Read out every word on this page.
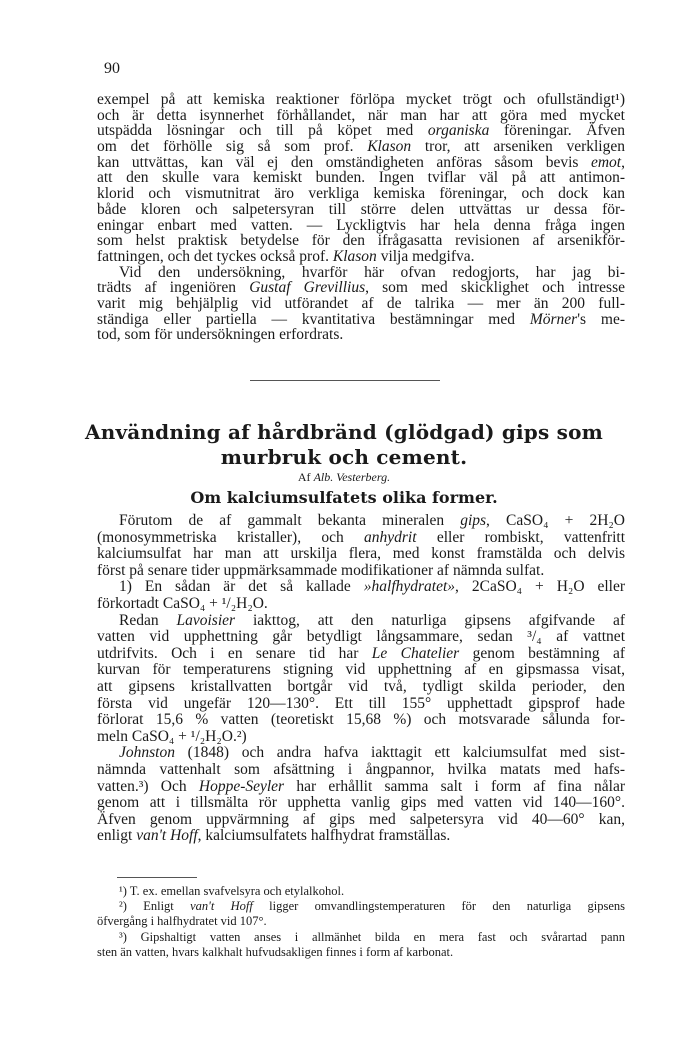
90
exempel på att kemiska reaktioner förlöpa mycket trögt och ofullständigt¹)
och är detta isynnerhet förhållandet, när man har att göra med mycket
utspädda lösningar och till på köpet med organiska föreningar. Äfven
om det förhölle sig så som prof. Klason tror, att arseniken verkligen
kan uttvättas, kan väl ej den omständigheten anföras såsom bevis emot,
att den skulle vara kemiskt bunden. Ingen tviflar väl på att antimon-
klorid och vismutnitrat äro verkliga kemiska föreningar, och dock kan
både kloren och salpetersyran till större delen uttvättas ur dessa för-
eningar enbart med vatten. — Lyckligtvis har hela denna fråga ingen
som helst praktisk betydelse för den ifrågasatta revisionen af arsenikför-
fattningen, och det tyckes också prof. Klason vilja medgifva.
Vid den undersökning, hvarför här ofvan redogjorts, har jag bi-
trädts af ingeniören Gustaf Grevillius, som med skicklighet och intresse
varit mig behjälplig vid utförandet af de talrika — mer än 200 full-
ständiga eller partiella — kvantitativa bestämningar med Mörner's me-
tod, som för undersökningen erfordrats.
Användning af hårdbränd (glödgad) gips som
murbruk och cement.
Af Alb. Vesterberg.
Om kalciumsulfatets olika former.
Förutom de af gammalt bekanta mineralen gips, CaSO₄ + 2H₂O
(monosymmetriska kristaller), och anhydrit eller rombiskt, vattenfritt
kalciumsulfat har man att urskilja flera, med konst framstälda och delvis
först på senare tider uppmärksammade modifikationer af nämnda sulfat.
1) En sådan är det så kallade »halfhydratet», 2CaSO₄ + H₂O eller
förkortadt CaSO₄ + ¹/₂H₂O.
Redan Lavoisier iakttog, att den naturliga gipsens afgifvande af
vatten vid upphettning går betydligt långsammare, sedan ³/₄ af vattnet
utdrifvits. Och i en senare tid har Le Chatelier genom bestämning af
kurvan för temperaturens stigning vid upphettning af en gipsmassa visat,
att gipsens kristallvatten bortgår vid två, tydligt skilda perioder, den
första vid ungefär 120—130°. Ett till 155° upphettadt gipsprof hade
förlorat 15,6 % vatten (teoretiskt 15,68 %) och motsvarade sålunda for-
meln CaSO₄ + ¹/₂H₂O.²)
Johnston (1848) och andra hafva iakttagit ett kalciumsulfat med sist-
nämnda vattenhalt som afsättning i ångpannor, hvilka matats med hafs-
vatten.³) Och Hoppe-Seyler har erhållit samma salt i form af fina nålar
genom att i tillsmälta rör upphetta vanlig gips med vatten vid 140—160°.
Äfven genom uppvärmning af gips med salpetersyra vid 40—60° kan,
enligt van't Hoff, kalciumsulfatets halfhydrat framställas.
¹) T. ex. emellan svafvelsyra och etylalkohol.
²) Enligt van't Hoff ligger omvandlingstemperaturen för den naturliga gipsens
öfvergång i halfhydratet vid 107°.
³) Gipshaltigt vatten anses i allmänhet bilda en mera fast och svårartad pann
sten än vatten, hvars kalkhalt hufvudsakligen finnes i form af karbonat.
